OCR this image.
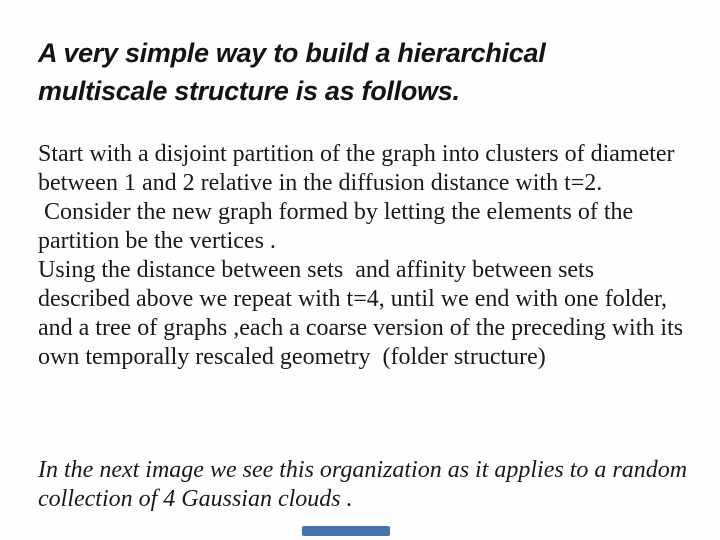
A very simple way to build a hierarchical
multiscale structure is as follows.
Start with a disjoint partition of the graph into clusters of diameter
between 1 and 2 relative in the diffusion distance with t=2.
Consider the new graph formed by letting the elements of the
partition be the vertices .
Using the distance between sets  and affinity between sets
described above we repeat with t=4, until we end with one folder,
and a tree of graphs ,each a coarse version of the preceding with its
own temporally rescaled geometry  (folder structure)
In the next image we see this organization as it applies to a random
collection of 4 Gaussian clouds .
